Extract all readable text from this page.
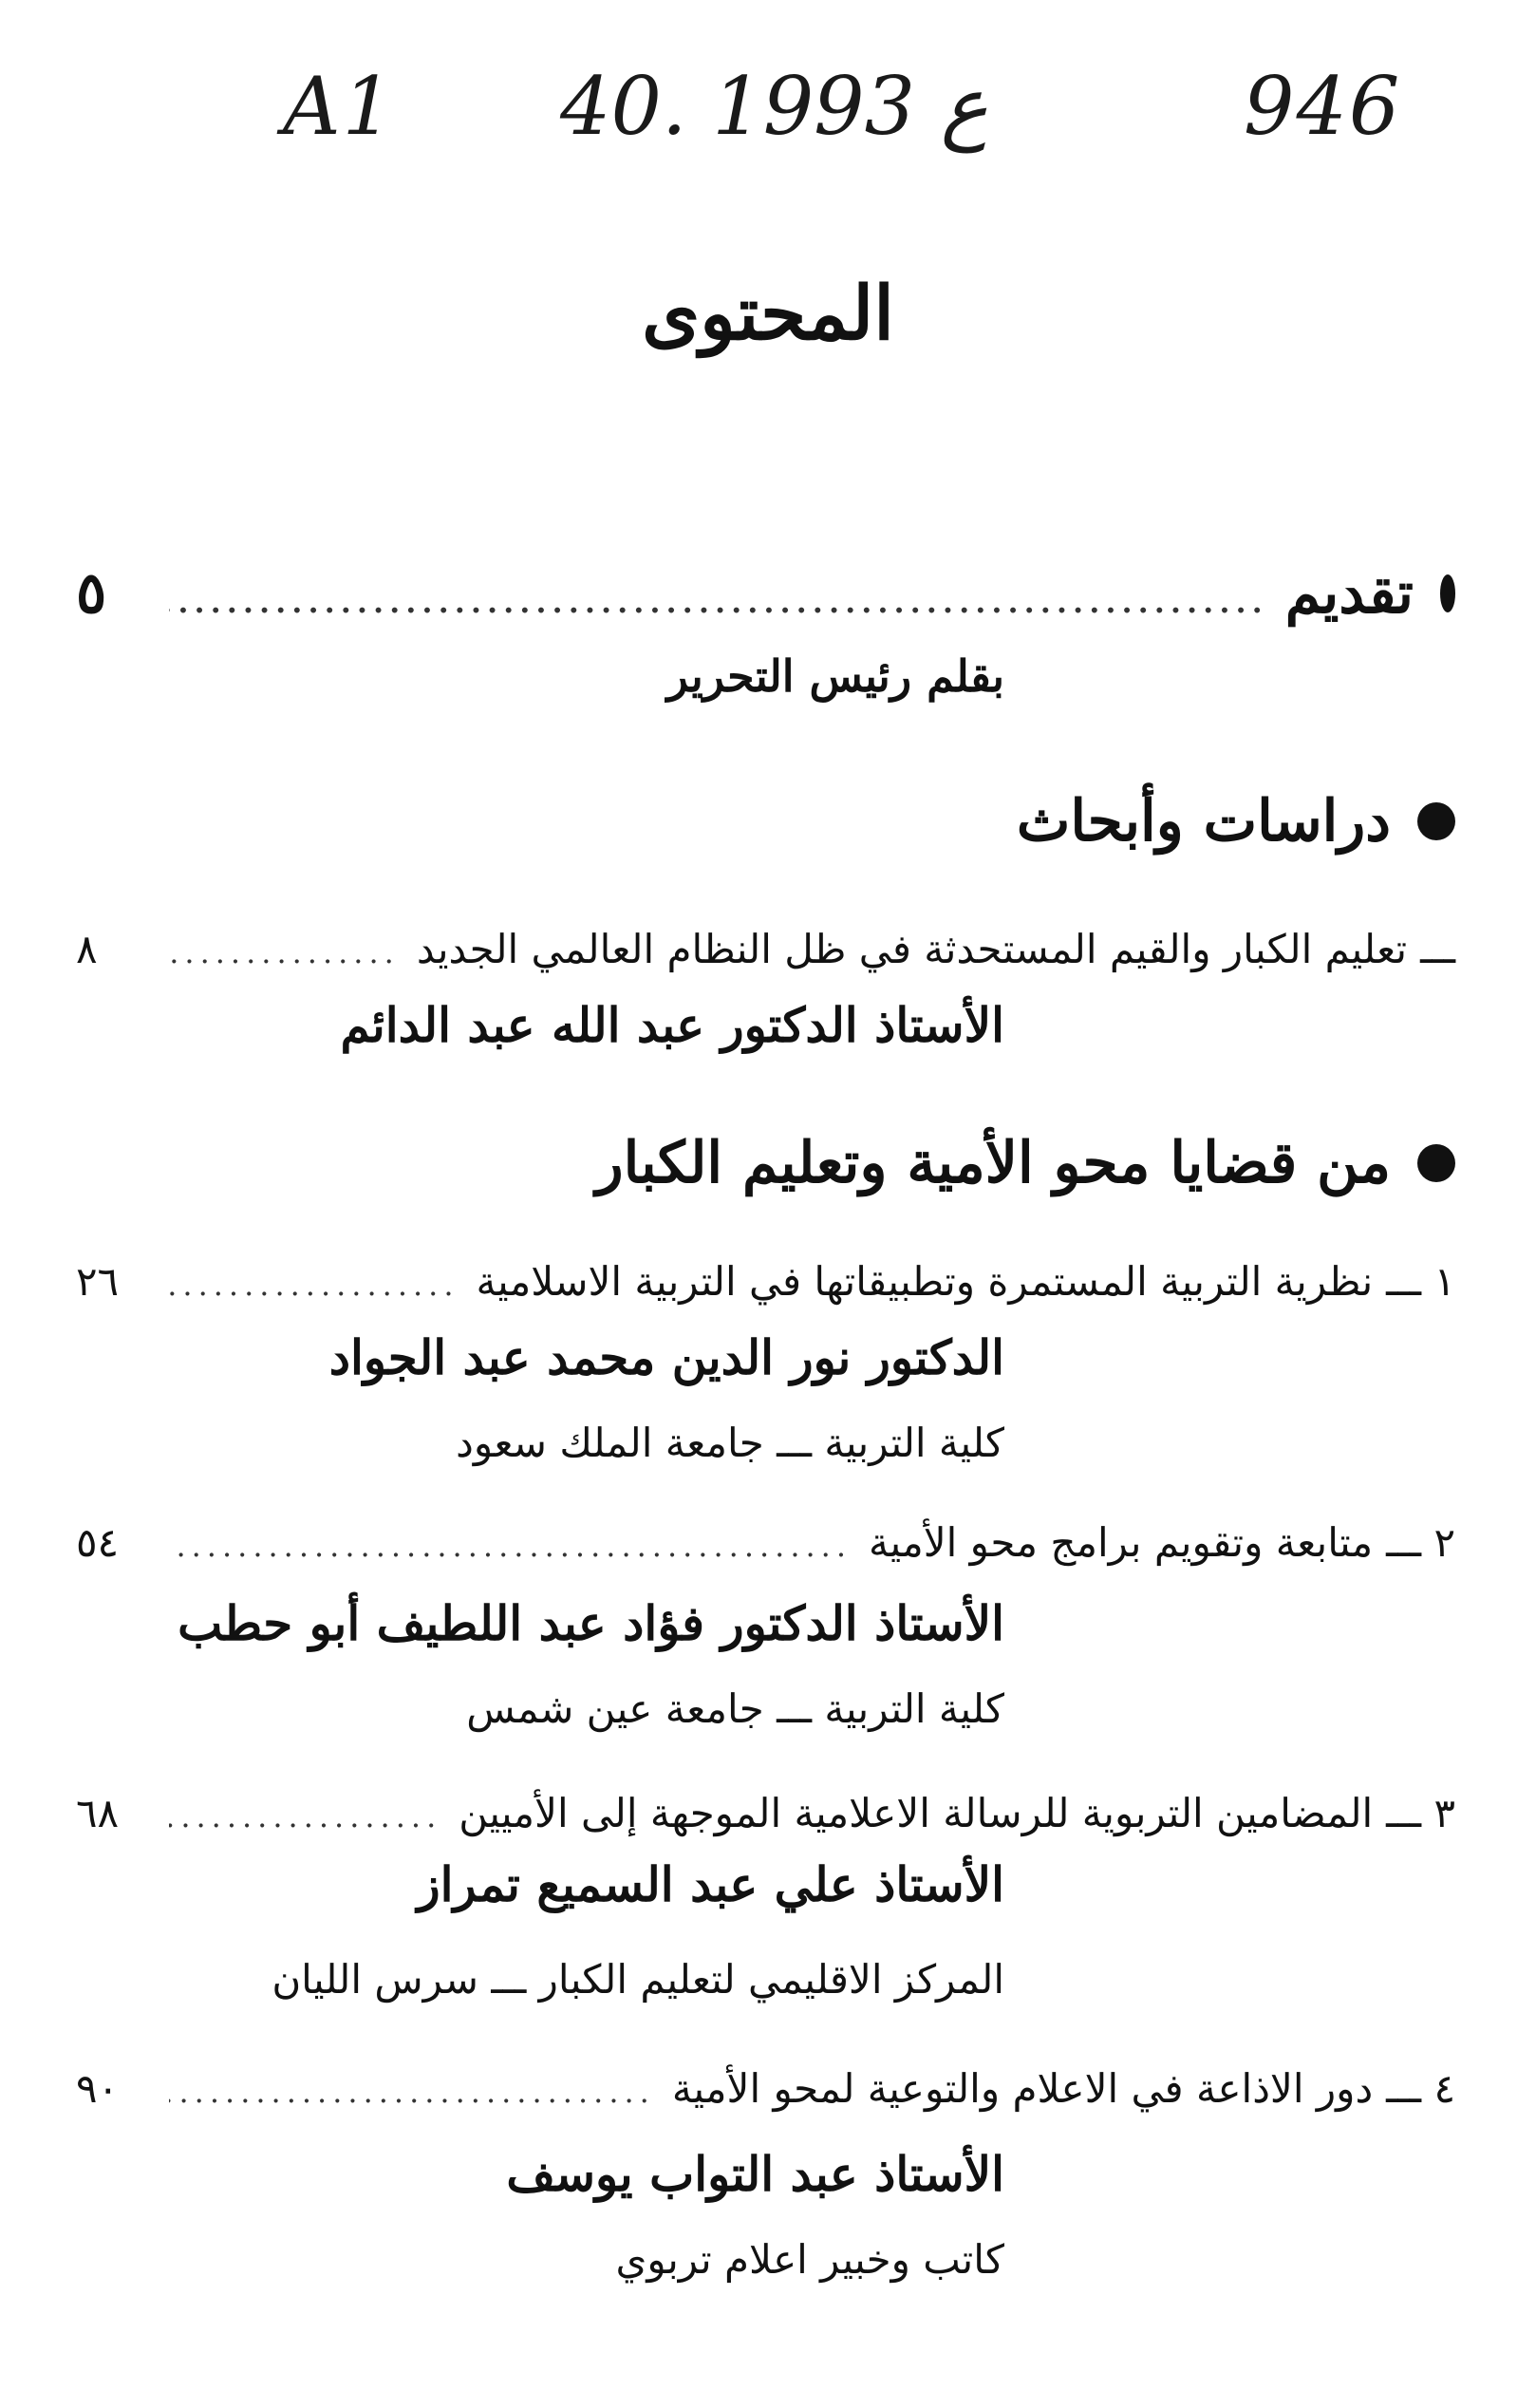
A1 40. ع 1993	946
المحتوى
تقديم
.....
٥
بقلم رئيس التحرير
دراسات وأبحاث
ـــ
تعليم الكبار والقيم المستحدثة في ظل النظام العالمي الجديد
.....
٨
الأستاذ الدكتور عبد الله عبد الدائم
من قضايا محو الأمية وتعليم الكبار
١ ـــ
نظرية التربية المستمرة وتطبيقاتها في التربية الاسلامية
.....
٢٦
الدكتور نور الدين محمد عبد الجواد
كلية التربية ـــ جامعة الملك سعود
٢ ـــ
متابعة وتقويم برامج محو الأمية
.....
٥٤
الأستاذ الدكتور فؤاد عبد اللطيف أبو حطب
كلية التربية ـــ جامعة عين شمس
٣ ـــ
المضامين التربوية للرسالة الاعلامية الموجهة إلى الأميين
.....
٦٨
الأستاذ علي عبد السميع تمراز
المركز الاقليمي لتعليم الكبار ـــ سرس الليان
٤ ـــ
دور الاذاعة في الاعلام والتوعية لمحو الأمية
.....
٩٠
الأستاذ عبد التواب يوسف
كاتب وخبير اعلام تربوي
